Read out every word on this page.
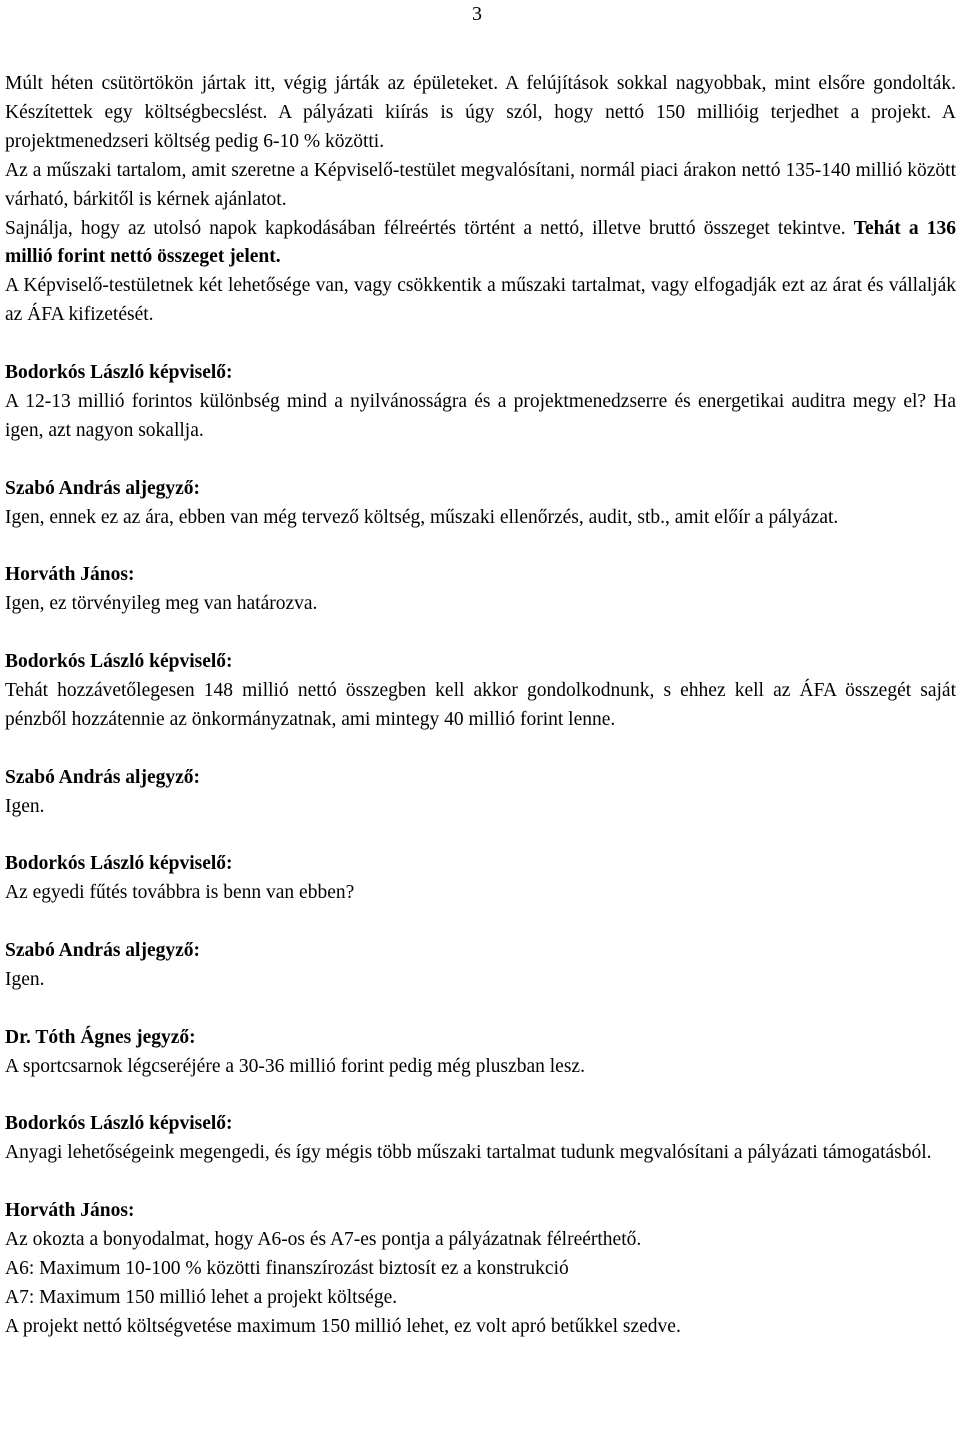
3

Múlt héten csütörtökön jártak itt, végig járták az épületeket. A felújítások sokkal nagyobbak, mint elsőre gondolták. Készítettek egy költségbecslést. A pályázati kiírás is úgy szól, hogy nettó 150 millióig terjedhet a projekt. A projektmenedzseri költség pedig 6-10 % közötti.

Az a műszaki tartalom, amit szeretne a Képviselő-testület megvalósítani, normál piaci árakon nettó 135-140 millió között várható, bárkitől is kérnek ajánlatot.

Sajnálja, hogy az utolsó napok kapkodásában félreértés történt a nettó, illetve bruttó összeget tekintve. Tehát a 136 millió forint nettó összeget jelent.

A Képviselő-testületnek két lehetősége van, vagy csökkentik a műszaki tartalmat, vagy elfogadják ezt az árat és vállalják az ÁFA kifizetését.

Bodorkós László képviselő:

A 12-13 millió forintos különbség mind a nyilvánosságra és a projektmenedzserre és energetikai auditra megy el? Ha igen, azt nagyon sokallja.

Szabó András aljegyző:

Igen, ennek ez az ára, ebben van még tervező költség, műszaki ellenőrzés, audit, stb., amit előír a pályázat.

Horváth János:

Igen, ez törvényileg meg van határozva.

Bodorkós László képviselő:

Tehát hozzávetőlegesen 148 millió nettó összegben kell akkor gondolkodnunk, s ehhez kell az ÁFA összegét saját pénzből hozzátennie az önkormányzatnak, ami mintegy 40 millió forint lenne.

Szabó András aljegyző:

Igen.

Bodorkós László képviselő:

Az egyedi fűtés továbbra is benn van ebben?

Szabó András aljegyző:

Igen.

Dr. Tóth Ágnes jegyző:

A sportcsarnok légcseréjére a 30-36 millió forint pedig még pluszban lesz.

Bodorkós László képviselő:

Anyagi lehetőségeink megengedi, és így mégis több műszaki tartalmat tudunk megvalósítani a pályázati támogatásból.

Horváth János:

Az okozta a bonyodalmat, hogy A6-os és A7-es pontja a pályázatnak félreérthető.

A6: Maximum 10-100 % közötti finanszírozást biztosít ez a konstrukció

A7: Maximum 150 millió lehet a projekt költsége.

A projekt nettó költségvetése maximum 150 millió lehet, ez volt apró betűkkel szedve.
